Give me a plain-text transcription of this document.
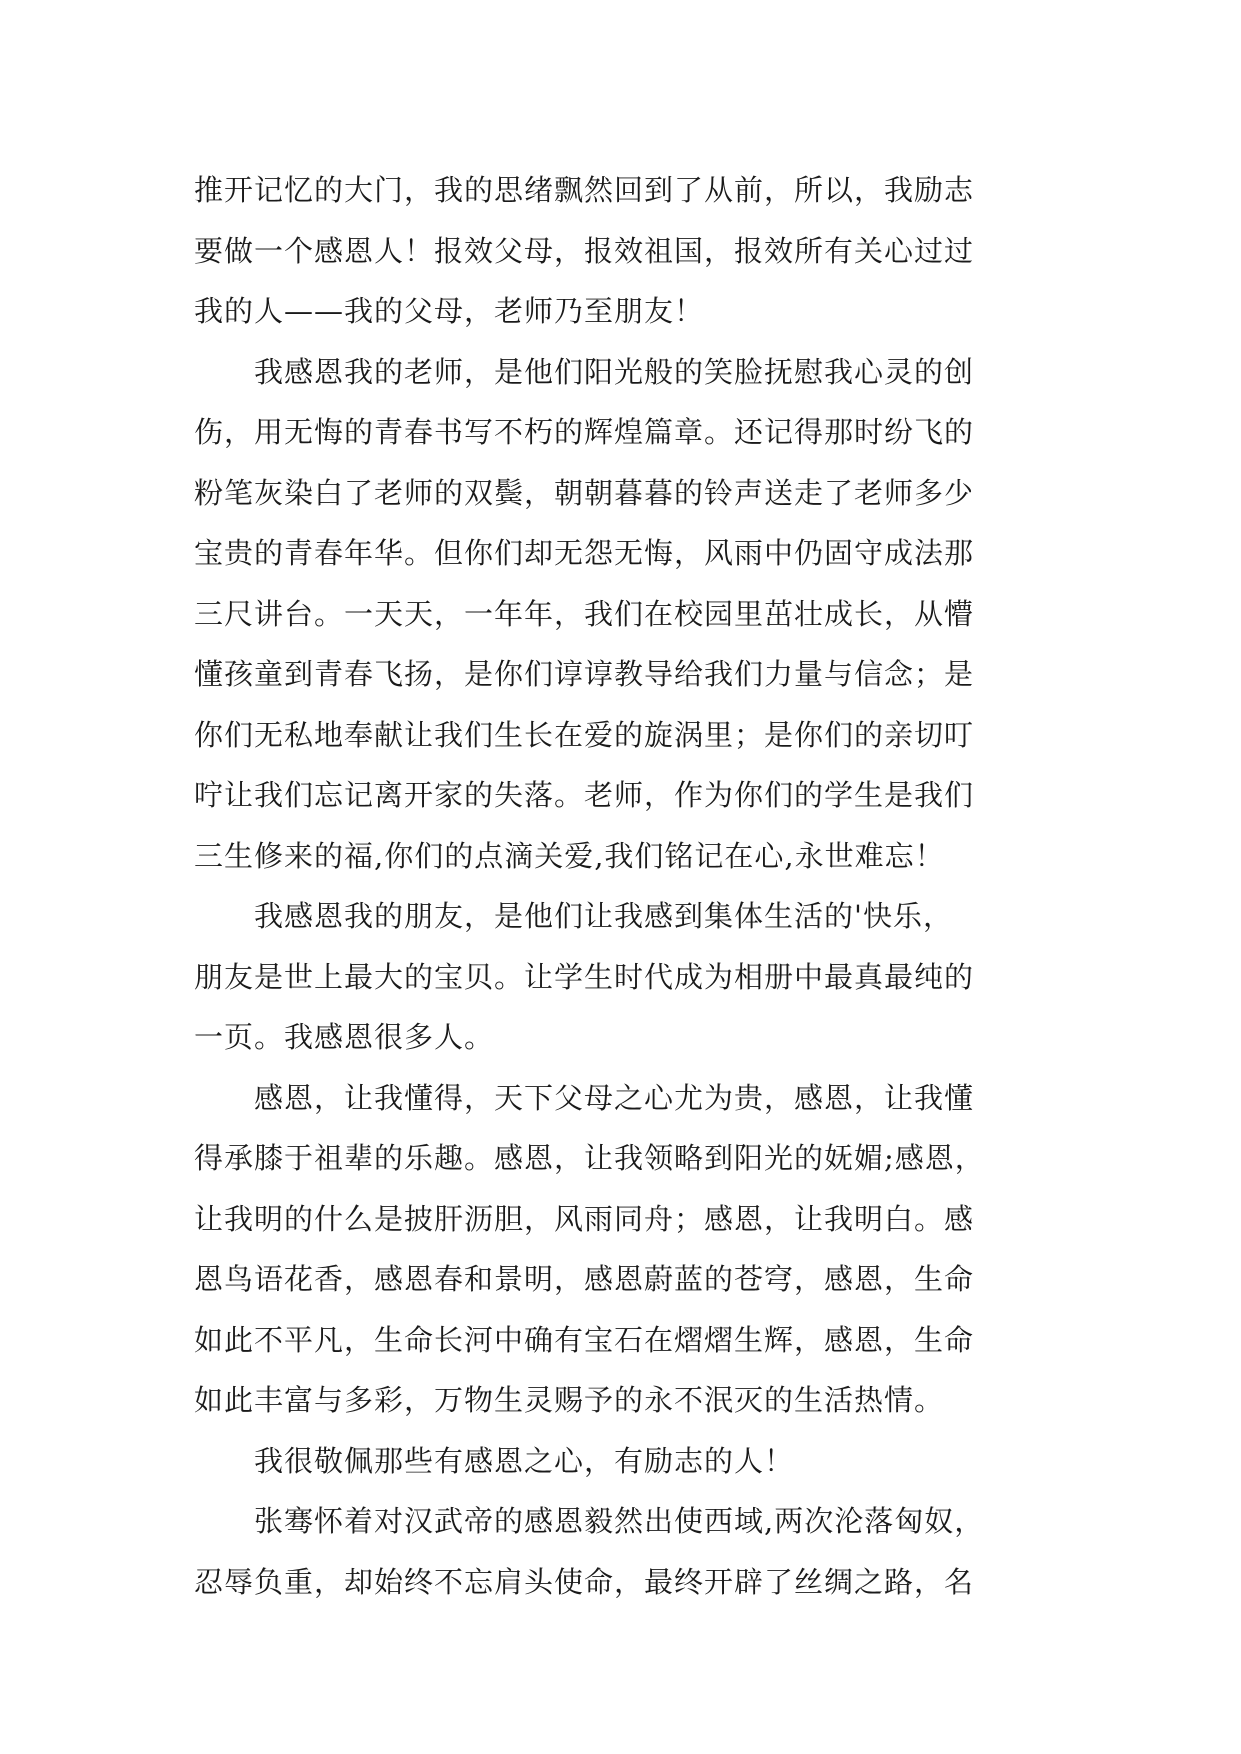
推开记忆的大门，我的思绪飘然回到了从前，所以，我励志
要做一个感恩人！报效父母，报效祖国，报效所有关心过过
我的人——我的父母，老师乃至朋友！
　　我感恩我的老师，是他们阳光般的笑脸抚慰我心灵的创
伤，用无悔的青春书写不朽的辉煌篇章。还记得那时纷飞的
粉笔灰染白了老师的双鬓，朝朝暮暮的铃声送走了老师多少
宝贵的青春年华。但你们却无怨无悔，风雨中仍固守成法那
三尺讲台。一天天，一年年，我们在校园里茁壮成长，从懵
懂孩童到青春飞扬，是你们谆谆教导给我们力量与信念；是
你们无私地奉献让我们生长在爱的旋涡里；是你们的亲切叮
咛让我们忘记离开家的失落。老师，作为你们的学生是我们
三生修来的福,你们的点滴关爱,我们铭记在心,永世难忘！
　　我感恩我的朋友，是他们让我感到集体生活的'快乐，
朋友是世上最大的宝贝。让学生时代成为相册中最真最纯的
一页。我感恩很多人。
　　感恩，让我懂得，天下父母之心尤为贵，感恩，让我懂
得承膝于祖辈的乐趣。感恩，让我领略到阳光的妩媚;感恩，
让我明的什么是披肝沥胆，风雨同舟；感恩，让我明白。感
恩鸟语花香，感恩春和景明，感恩蔚蓝的苍穹，感恩，生命
如此不平凡，生命长河中确有宝石在熠熠生辉，感恩，生命
如此丰富与多彩，万物生灵赐予的永不泯灭的生活热情。
　　我很敬佩那些有感恩之心，有励志的人！
　　张骞怀着对汉武帝的感恩毅然出使西域,两次沦落匈奴，
忍辱负重，却始终不忘肩头使命，最终开辟了丝绸之路，名
